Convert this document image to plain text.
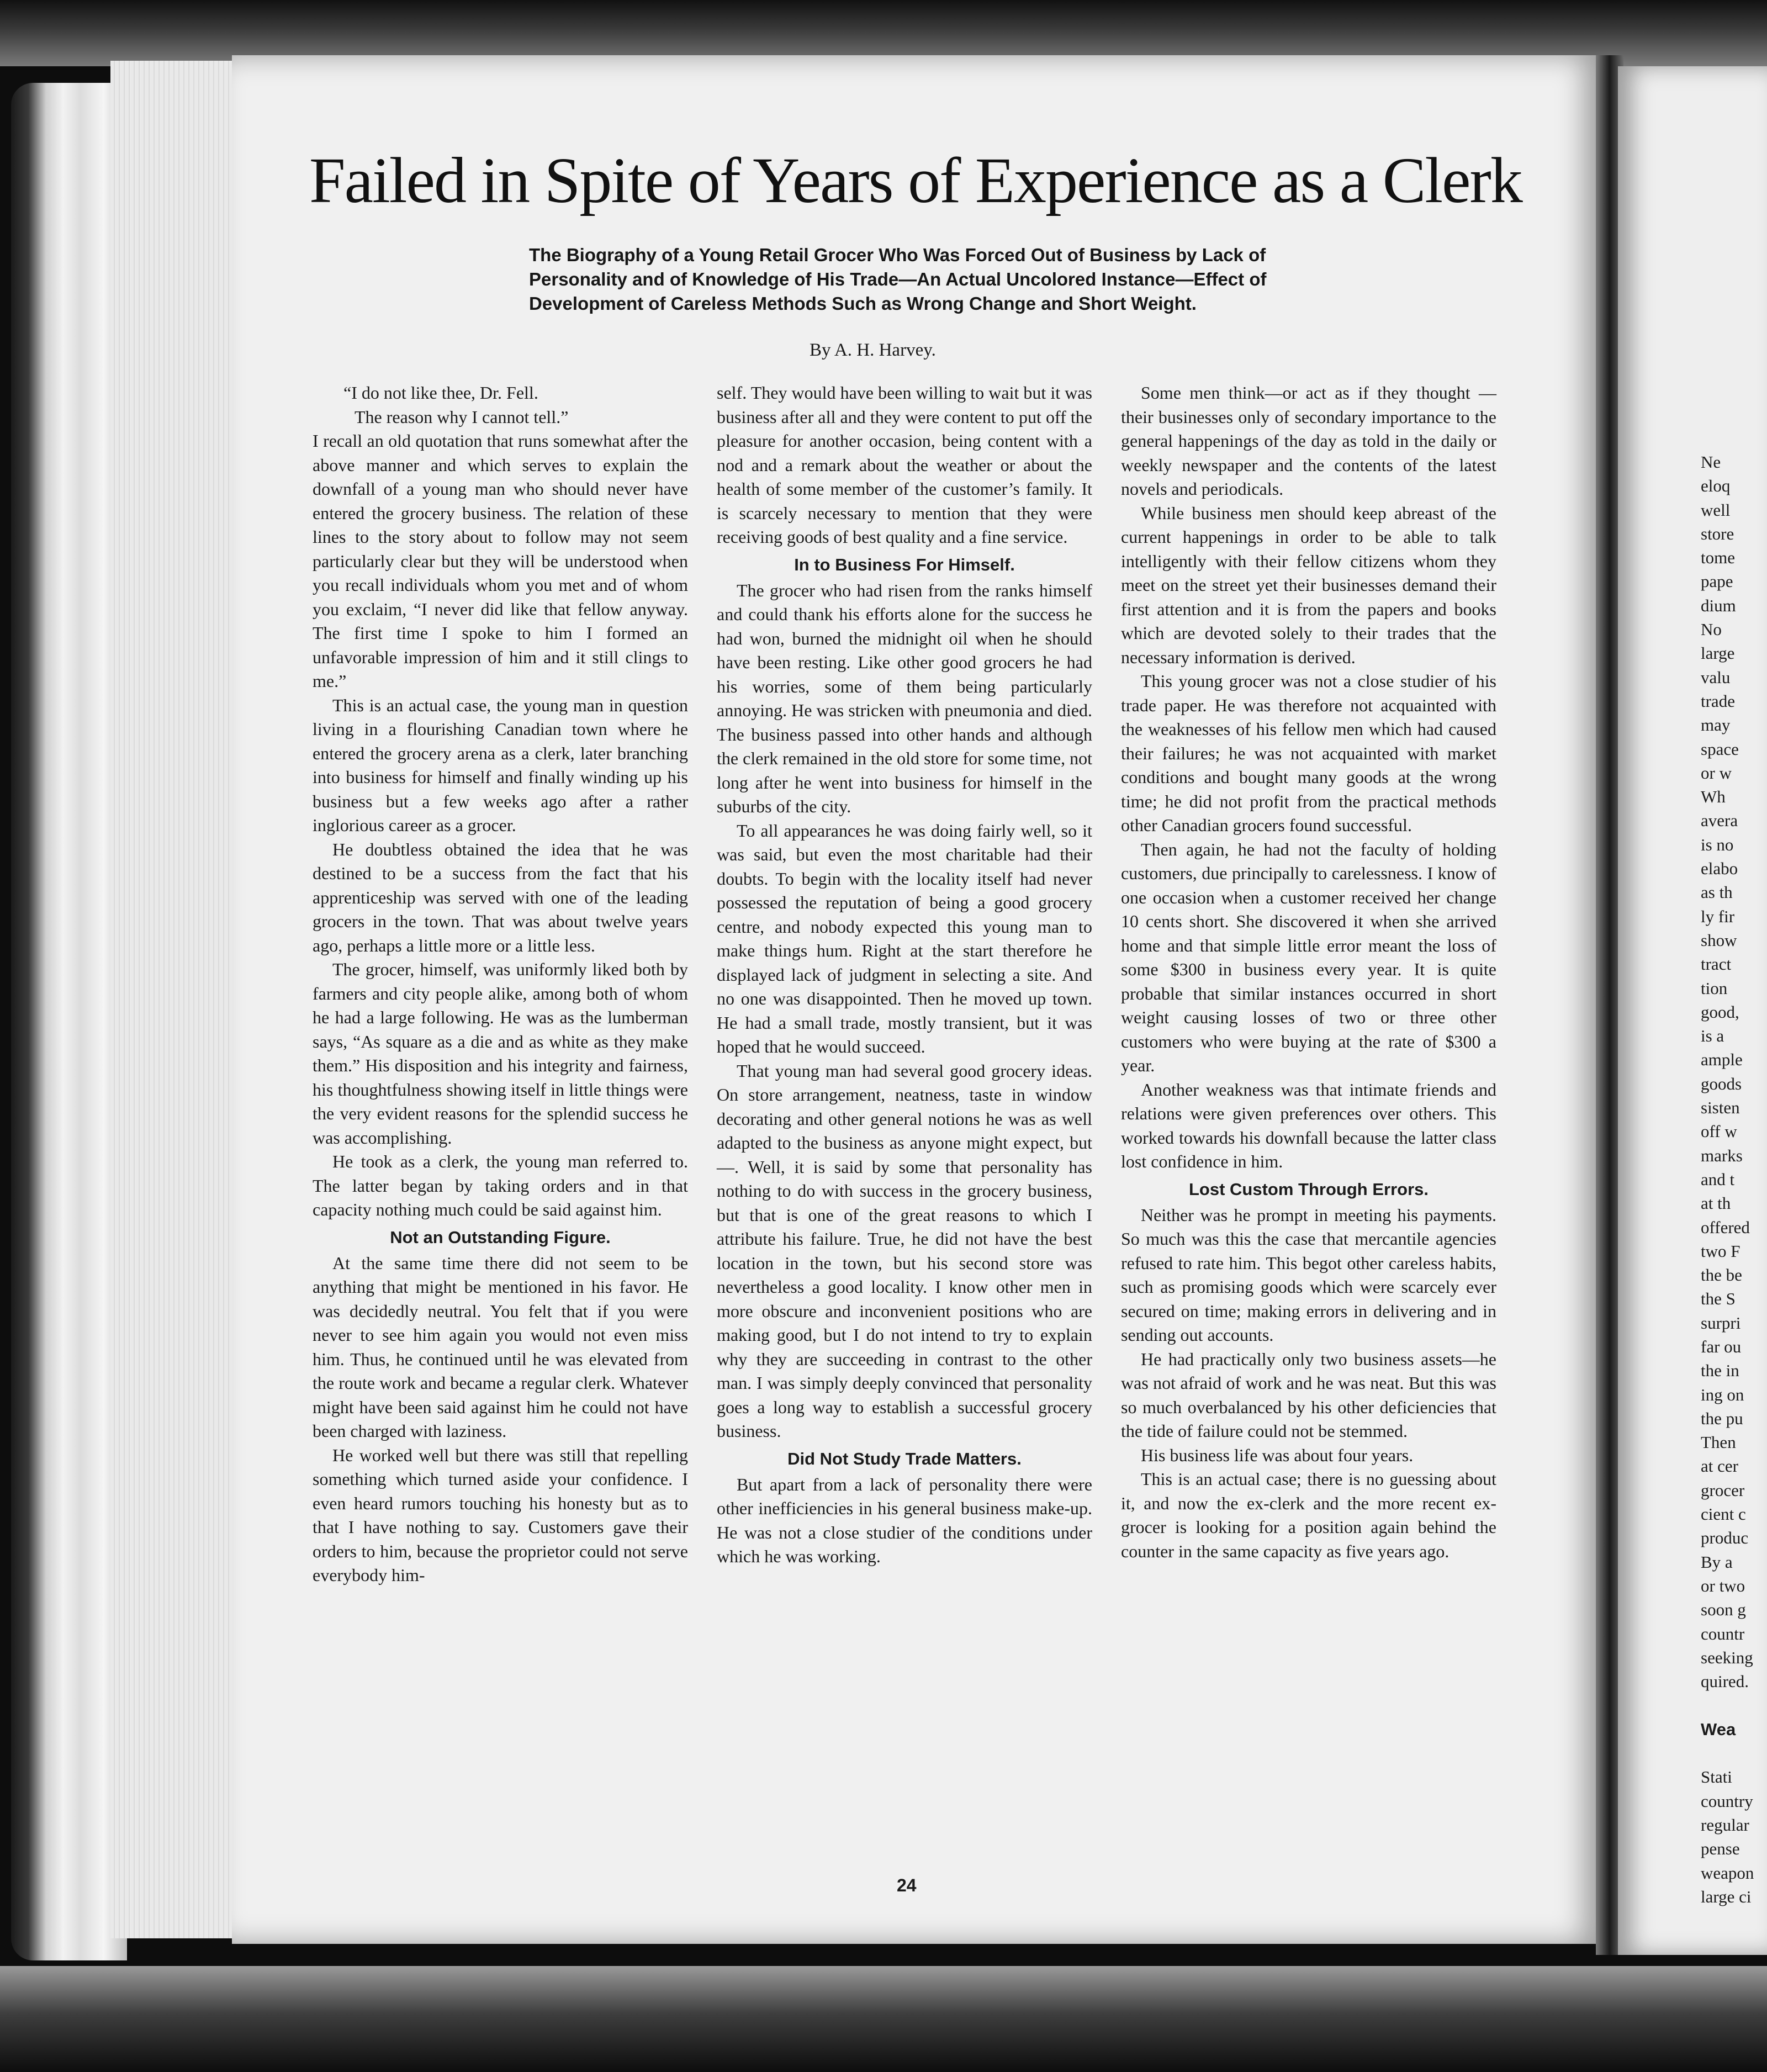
Failed in Spite of Years of Experience as a Clerk
The Biography of a Young Retail Grocer Who Was Forced Out of Business by Lack of Personality and of Knowledge of His Trade—An Actual Uncolored Instance—Effect of Development of Careless Methods Such as Wrong Change and Short Weight.
By A. H. Harvey.

“I do not like thee, Dr. Fell.

The reason why I cannot tell.”

I recall an old quotation that runs somewhat after the above manner and which serves to explain the downfall of a young man who should never have entered the grocery business. The relation of these lines to the story about to follow may not seem particularly clear but they will be understood when you recall individuals whom you met and of whom you exclaim, “I never did like that fellow anyway. The first time I spoke to him I formed an unfavorable impression of him and it still clings to me.”

This is an actual case, the young man in question living in a flourishing Canadian town where he entered the grocery arena as a clerk, later branching into business for himself and finally winding up his business but a few weeks ago after a rather inglorious career as a grocer.

He doubtless obtained the idea that he was destined to be a success from the fact that his apprenticeship was served with one of the leading grocers in the town. That was about twelve years ago, perhaps a little more or a little less.

The grocer, himself, was uniformly liked both by farmers and city people alike, among both of whom he had a large following. He was as the lumberman says, “As square as a die and as white as they make them.” His disposition and his integrity and fairness, his thoughtfulness showing itself in little things were the very evident reasons for the splendid success he was accomplishing.

He took as a clerk, the young man referred to. The latter began by taking orders and in that capacity nothing much could be said against him.

Not an Outstanding Figure.

At the same time there did not seem to be anything that might be mentioned in his favor. He was decidedly neutral. You felt that if you were never to see him again you would not even miss him. Thus, he continued until he was elevated from the route work and became a regular clerk. Whatever might have been said against him he could not have been charged with laziness.

He worked well but there was still that repelling something which turned aside your confidence. I even heard rumors touching his honesty but as to that I have nothing to say. Customers gave their orders to him, because the proprietor could not serve everybody him-

self. They would have been willing to wait but it was business after all and they were content to put off the pleasure for another occasion, being content with a nod and a remark about the weather or about the health of some member of the customer’s family. It is scarcely necessary to mention that they were receiving goods of best quality and a fine service.

In to Business For Himself.

The grocer who had risen from the ranks himself and could thank his efforts alone for the success he had won, burned the midnight oil when he should have been resting. Like other good grocers he had his worries, some of them being particularly annoying. He was stricken with pneumonia and died. The business passed into other hands and although the clerk remained in the old store for some time, not long after he went into business for himself in the suburbs of the city.

To all appearances he was doing fairly well, so it was said, but even the most charitable had their doubts. To begin with the locality itself had never possessed the reputation of being a good grocery centre, and nobody expected this young man to make things hum. Right at the start therefore he displayed lack of judgment in selecting a site. And no one was disappointed. Then he moved up town. He had a small trade, mostly transient, but it was hoped that he would succeed.

That young man had several good grocery ideas. On store arrangement, neatness, taste in window decorating and other general notions he was as well adapted to the business as anyone might expect, but—. Well, it is said by some that personality has nothing to do with success in the grocery business, but that is one of the great reasons to which I attribute his failure. True, he did not have the best location in the town, but his second store was nevertheless a good locality. I know other men in more obscure and inconvenient positions who are making good, but I do not intend to try to explain why they are succeeding in contrast to the other man. I was simply deeply convinced that personality goes a long way to establish a successful grocery business.

Did Not Study Trade Matters.

But apart from a lack of personality there were other inefficiencies in his general business make-up. He was not a close studier of the conditions under which he was working.

Some men think—or act as if they thought — their businesses only of secondary importance to the general happenings of the day as told in the daily or weekly newspaper and the contents of the latest novels and periodicals.

While business men should keep abreast of the current happenings in order to be able to talk intelligently with their fellow citizens whom they meet on the street yet their businesses demand their first attention and it is from the papers and books which are devoted solely to their trades that the necessary information is derived.

This young grocer was not a close studier of his trade paper. He was therefore not acquainted with the weaknesses of his fellow men which had caused their failures; he was not acquainted with market conditions and bought many goods at the wrong time; he did not profit from the practical methods other Canadian grocers found successful.

Then again, he had not the faculty of holding customers, due principally to carelessness. I know of one occasion when a customer received her change 10 cents short. She discovered it when she arrived home and that simple little error meant the loss of some $300 in business every year. It is quite probable that similar instances occurred in short weight causing losses of two or three other customers who were buying at the rate of $300 a year.

Another weakness was that intimate friends and relations were given preferences over others. This worked towards his downfall because the latter class lost confidence in him.

Lost Custom Through Errors.

Neither was he prompt in meeting his payments. So much was this the case that mercantile agencies refused to rate him. This begot other careless habits, such as promising goods which were scarcely ever secured on time; making errors in delivering and in sending out accounts.

He had practically only two business assets—he was not afraid of work and he was neat. But this was so much overbalanced by his other deficiencies that the tide of failure could not be stemmed.

His business life was about four years.

This is an actual case; there is no guessing about it, and now the ex-clerk and the more recent ex-grocer is looking for a position again behind the counter in the same capacity as five years ago.

24
Ne
eloq
well
store
tome
pape
dium
No
large
valu
trade
may
space
or w
Wh
avera
is no
elabo
as th
ly fir
show
tract
tion
good,
is a
ample
goods
sisten
off w
marks
and t
at th
offered
two F
the be
the S
surpri
far ou
the in
ing on
the pu
Then
at cer
grocer
cient c
produc
By a
or two
soon g
countr
seeking
quired.
Wea
Stati
country
regular
pense
weapon
large ci
